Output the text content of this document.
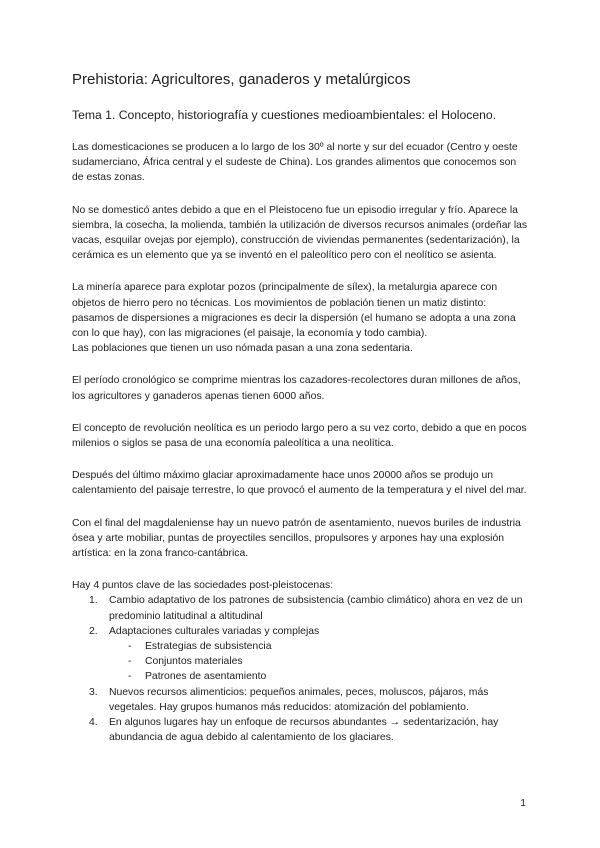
Prehistoria: Agricultores, ganaderos y metalúrgicos
Tema 1. Concepto, historiografía y cuestiones medioambientales: el Holoceno.

Las domesticaciones se producen a lo largo de los 30º al norte y sur del ecuador (Centro y oeste sudamerciano, África central y el sudeste de China). Los grandes alimentos que conocemos son de estas zonas.

No se domesticó antes debido a que en el Pleistoceno fue un episodio irregular y frío. Aparece la siembra, la cosecha, la molienda, también la utilización de diversos recursos animales (ordeñar las vacas, esquilar ovejas por ejemplo), construcción de viviendas permanentes (sedentarización), la cerámica es un elemento que ya se inventó en el paleolítico pero con el neolítico se asienta.

La minería aparece para explotar pozos (principalmente de sílex), la metalurgia aparece con objetos de hierro pero no técnicas. Los movimientos de población tienen un matiz distinto: pasamos de dispersiones a migraciones es decir la dispersión (el humano se adopta a una zona con lo que hay), con las migraciones (el paisaje, la economía y todo cambia).

Las poblaciones que tienen un uso nómada pasan a una zona sedentaria.

El período cronológico se comprime mientras los cazadores-recolectores duran millones de años, los agricultores y ganaderos apenas tienen 6000 años.

El concepto de revolución neolítica es un periodo largo pero a su vez corto, debido a que en pocos milenios o siglos se pasa de una economía paleolítica a una neolítica.

Después del último máximo glaciar aproximadamente hace unos 20000 años se produjo un calentamiento del paisaje terrestre, lo que provocó el aumento de la temperatura y el nivel del mar.

Con el final del magdaleniense hay un nuevo patrón de asentamiento, nuevos buriles de industria ósea y arte mobiliar, puntas de proyectiles sencillos, propulsores y arpones hay una explosión artística: en la zona franco-cantábrica.

Hay 4 puntos clave de las sociedades post-pleistocenas:

1. Cambio adaptativo de los patrones de subsistencia (cambio climático) ahora en vez de un predominio latitudinal a altitudinal
2. Adaptaciones culturales variadas y complejas
- Estrategias de subsistencia
- Conjuntos materiales
- Patrones de asentamiento
3. Nuevos recursos alimenticios: pequeños animales, peces, moluscos, pájaros, más vegetales. Hay grupos humanos más reducidos: atomización del poblamiento.
4. En algunos lugares hay un enfoque de recursos abundantes → sedentarización, hay abundancia de agua debido al calentamiento de los glaciares.
1
